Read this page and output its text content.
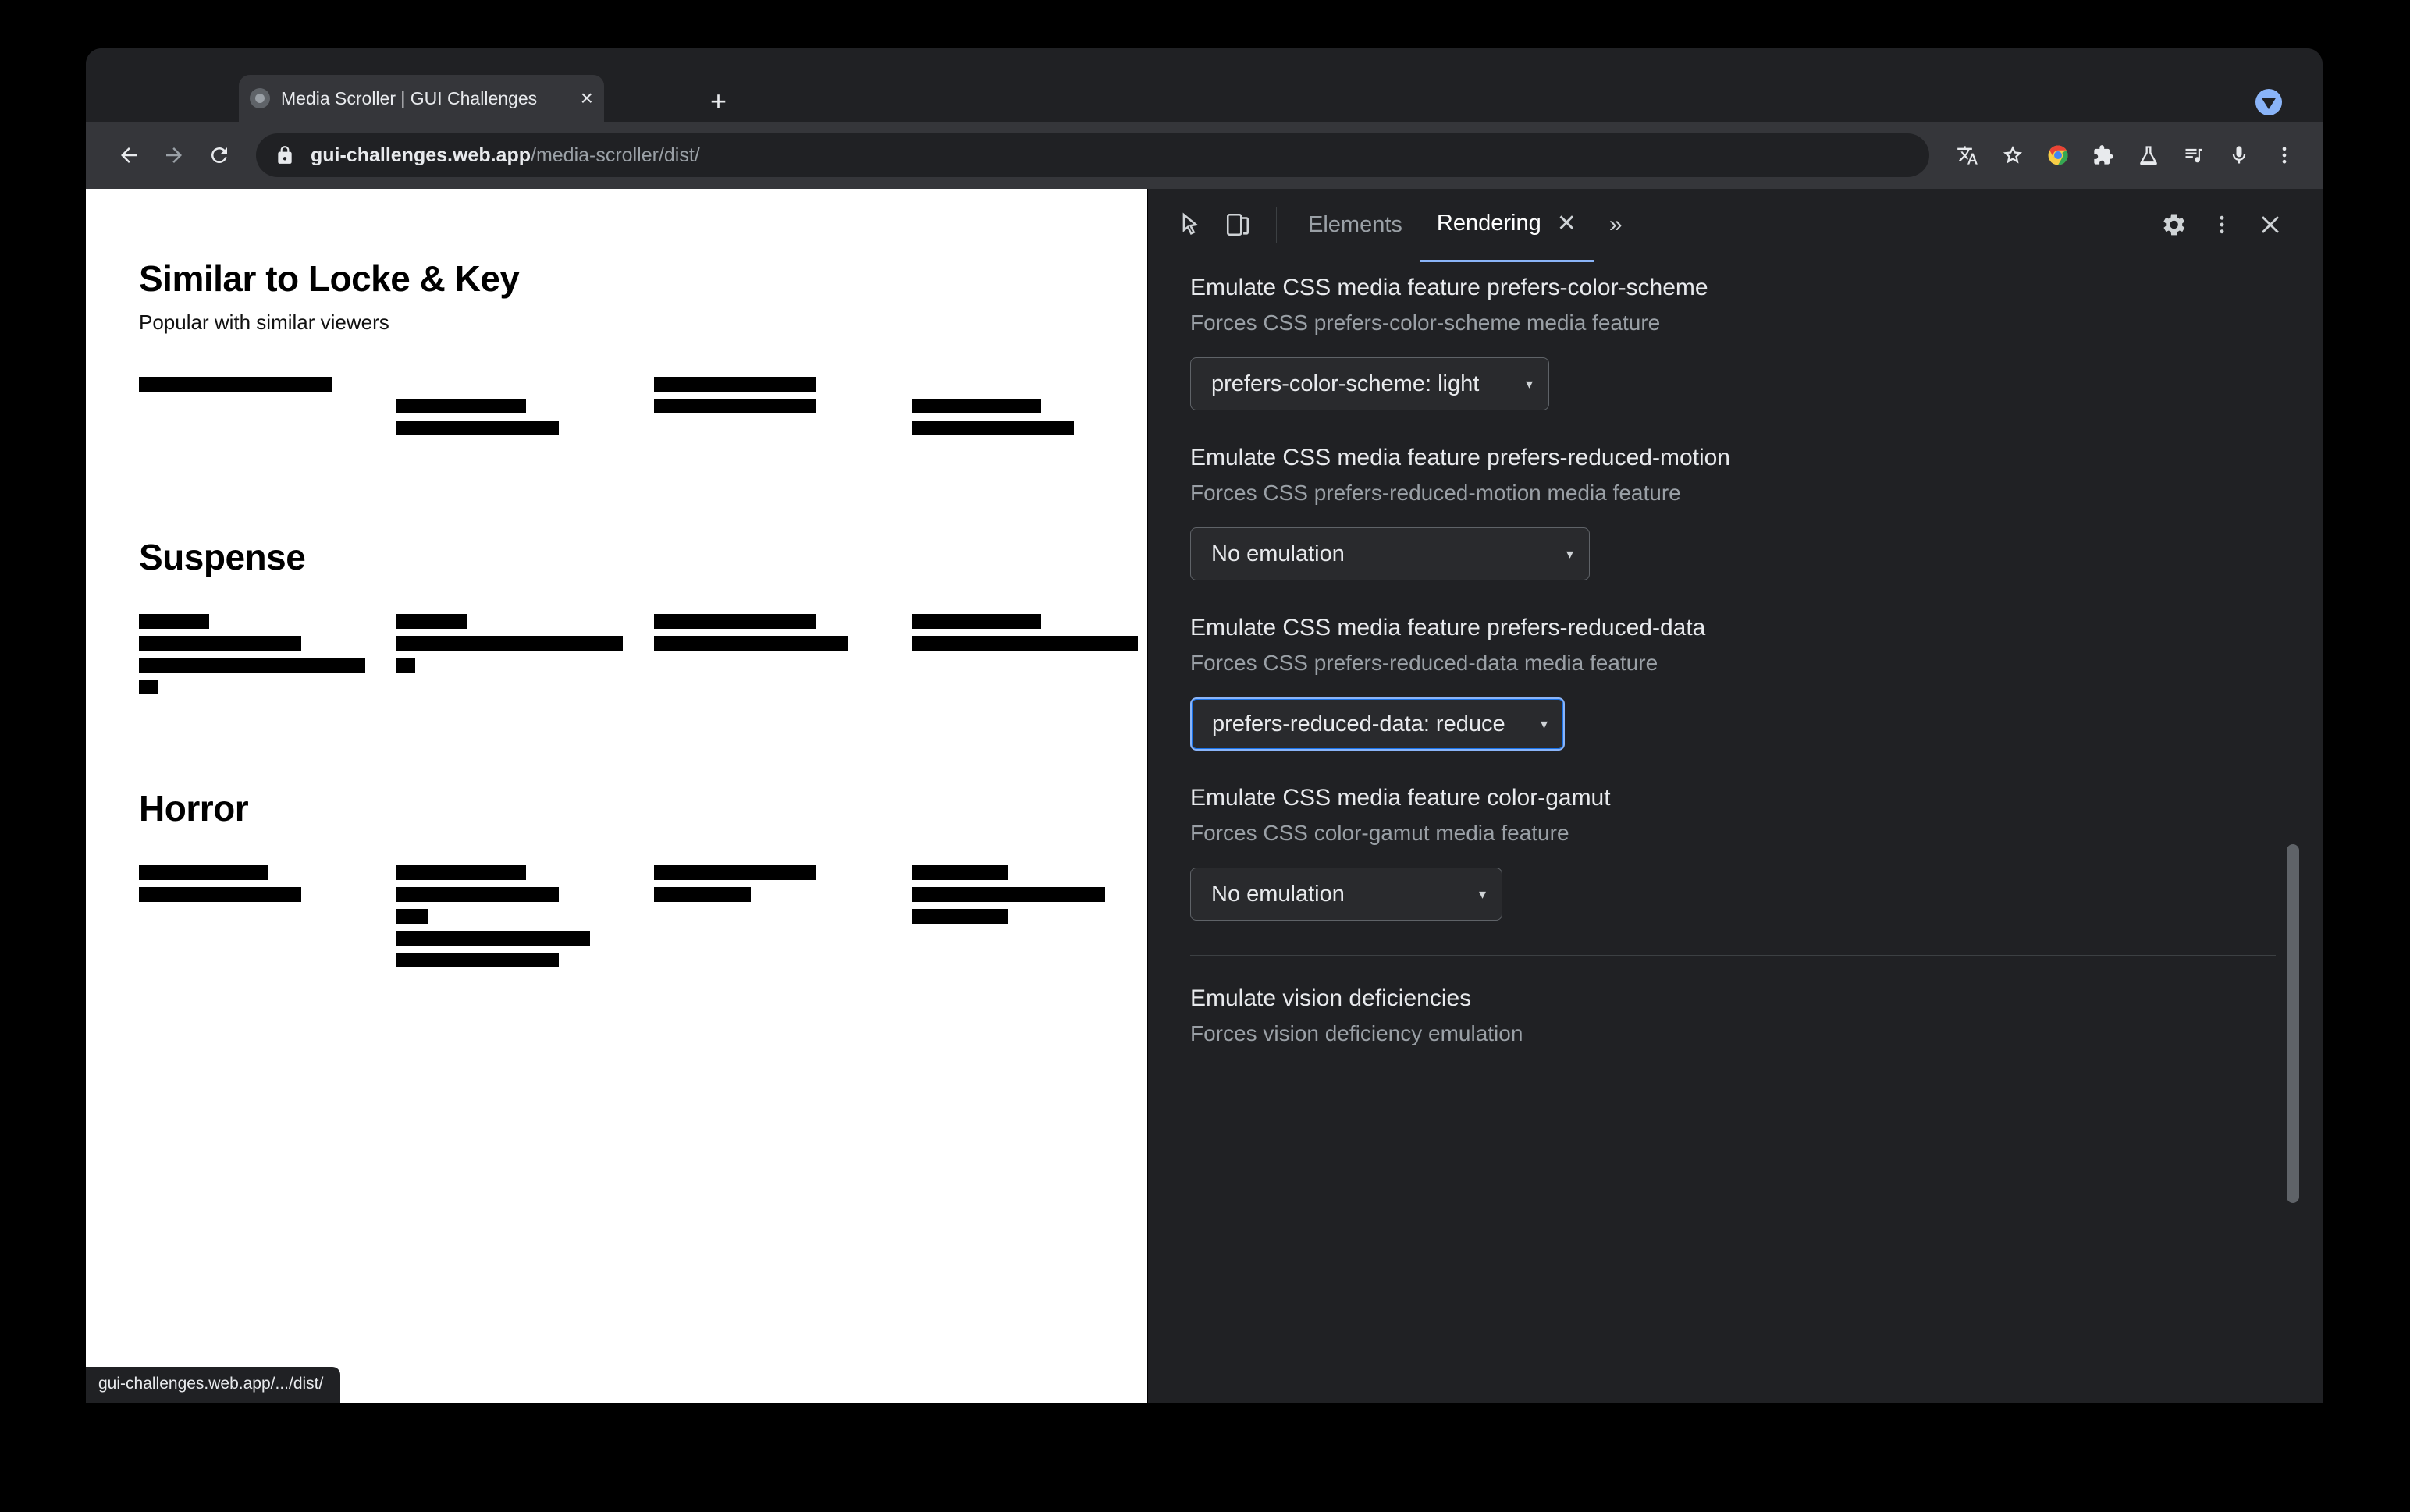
Media Scroller | GUI Challenges	×	+
gui-challenges.web.app/media-scroller/dist/
Similar to Locke & Key

Popular with similar viewers

Suspense
Horror
gui-challenges.web.app/.../dist/
Elements Rendering ✕	»

Emulate CSS media feature prefers-color-scheme

Forces CSS prefers-color-scheme media feature

prefers-color-scheme: light	▾

Emulate CSS media feature prefers-reduced-motion

Forces CSS prefers-reduced-motion media feature

No emulation	▾

Emulate CSS media feature prefers-reduced-data

Forces CSS prefers-reduced-data media feature

prefers-reduced-data: reduce	▾

Emulate CSS media feature color-gamut

Forces CSS color-gamut media feature

No emulation	▾

Emulate vision deficiencies

Forces vision deficiency emulation
